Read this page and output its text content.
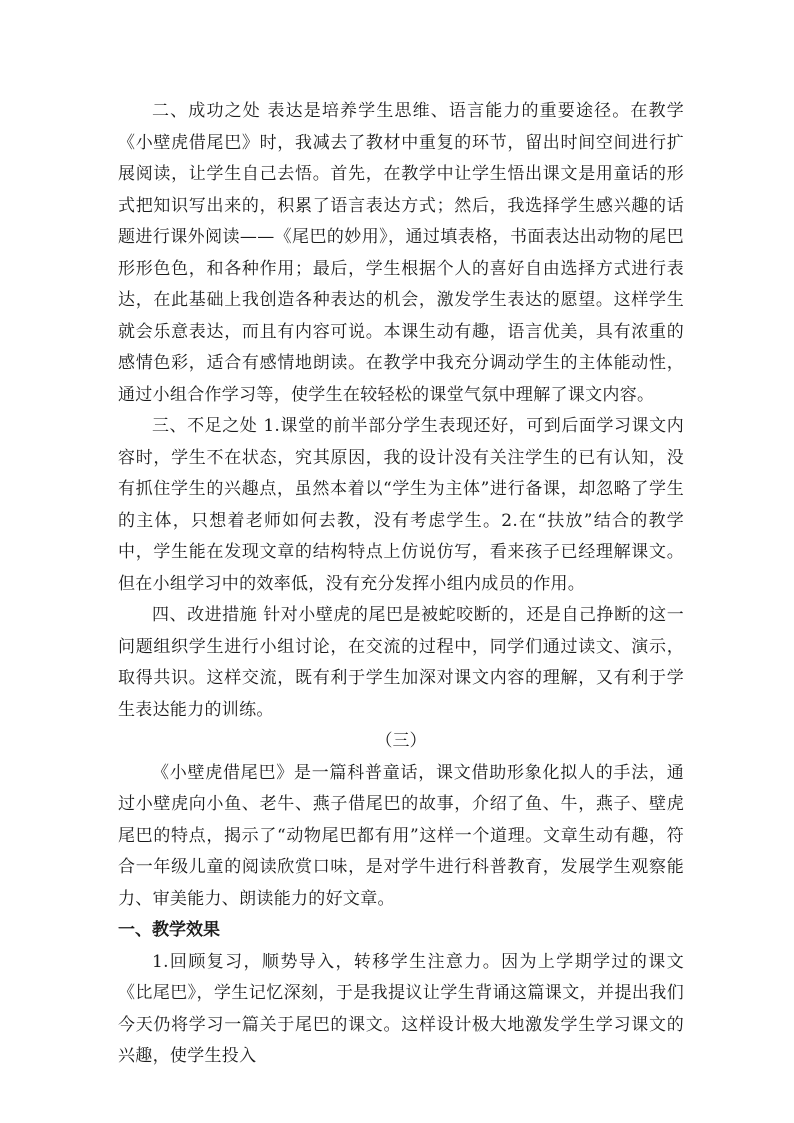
二、成功之处 表达是培养学生思维、语言能力的重要途径。在教学《小壁虎借尾巴》时，我减去了教材中重复的环节，留出时间空间进行扩展阅读，让学生自己去悟。首先，在教学中让学生悟出课文是用童话的形式把知识写出来的，积累了语言表达方式；然后，我选择学生感兴趣的话题进行课外阅读——《尾巴的妙用》，通过填表格，书面表达出动物的尾巴形形色色，和各种作用；最后，学生根据个人的喜好自由选择方式进行表达，在此基础上我创造各种表达的机会，激发学生表达的愿望。这样学生就会乐意表达，而且有内容可说。本课生动有趣，语言优美，具有浓重的感情色彩，适合有感情地朗读。在教学中我充分调动学生的主体能动性，通过小组合作学习等，使学生在较轻松的课堂气氛中理解了课文内容。

三、不足之处 1.课堂的前半部分学生表现还好，可到后面学习课文内容时，学生不在状态，究其原因，我的设计没有关注学生的已有认知，没有抓住学生的兴趣点，虽然本着以“学生为主体”进行备课，却忽略了学生的主体，只想着老师如何去教，没有考虑学生。2.在“扶放”结合的教学中，学生能在发现文章的结构特点上仿说仿写，看来孩子已经理解课文。但在小组学习中的效率低，没有充分发挥小组内成员的作用。

四、改进措施 针对小壁虎的尾巴是被蛇咬断的，还是自己挣断的这一问题组织学生进行小组讨论，在交流的过程中，同学们通过读文、演示，取得共识。这样交流，既有利于学生加深对课文内容的理解，又有利于学生表达能力的训练。

（三）

《小壁虎借尾巴》是一篇科普童话，课文借助形象化拟人的手法，通过小壁虎向小鱼、老牛、燕子借尾巴的故事，介绍了鱼、牛，燕子、壁虎尾巴的特点，揭示了“动物尾巴都有用”这样一个道理。文章生动有趣，符合一年级儿童的阅读欣赏口味，是对学牛进行科普教育，发展学生观察能力、审美能力、朗读能力的好文章。

一、教学效果

1.回顾复习，顺势导入，转移学生注意力。因为上学期学过的课文《比尾巴》，学生记忆深刻，于是我提议让学生背诵这篇课文，并提出我们今天仍将学习一篇关于尾巴的课文。这样设计极大地激发学生学习课文的兴趣，使学生投入
